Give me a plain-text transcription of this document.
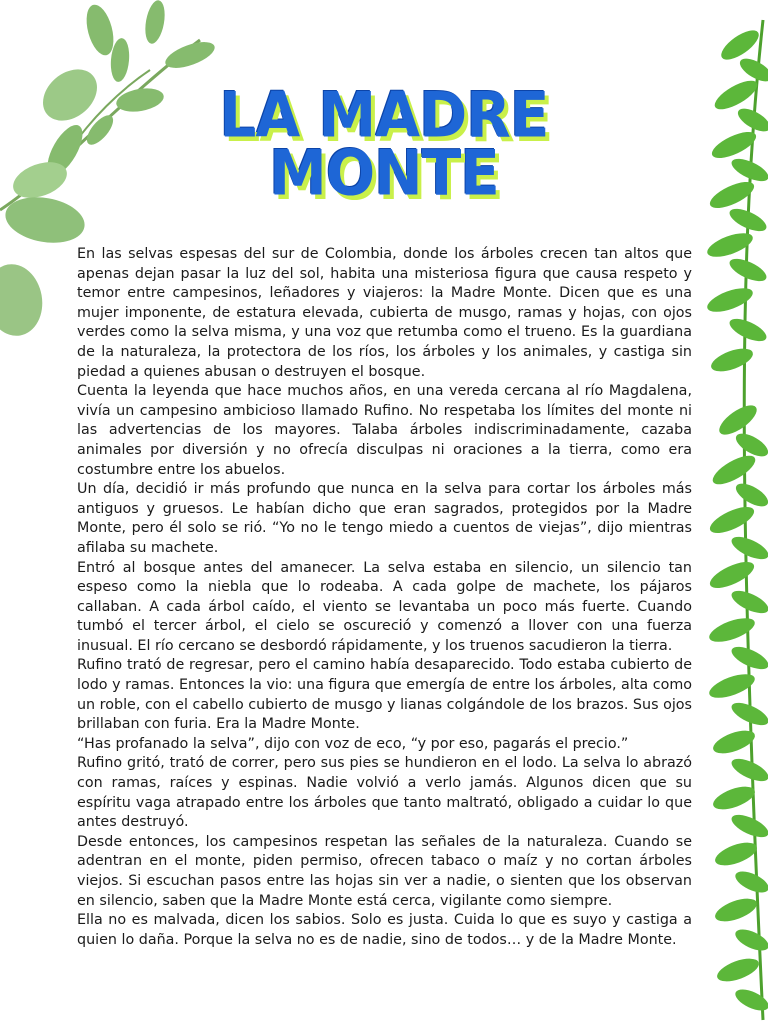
LA MADRE
MONTE

En las selvas espesas del sur de Colombia, donde los árboles crecen tan altos que apenas dejan pasar la luz del sol, habita una misteriosa figura que causa respeto y temor entre campesinos, leñadores y viajeros: la Madre Monte. Dicen que es una mujer imponente, de estatura elevada, cubierta de musgo, ramas y hojas, con ojos verdes como la selva misma, y una voz que retumba como el trueno. Es la guardiana de la naturaleza, la protectora de los ríos, los árboles y los animales, y castiga sin piedad a quienes abusan o destruyen el bosque.

Cuenta la leyenda que hace muchos años, en una vereda cercana al río Magdalena, vivía un campesino ambicioso llamado Rufino. No respetaba los límites del monte ni las advertencias de los mayores. Talaba árboles indiscriminadamente, cazaba animales por diversión y no ofrecía disculpas ni oraciones a la tierra, como era costumbre entre los abuelos.

Un día, decidió ir más profundo que nunca en la selva para cortar los árboles más antiguos y gruesos. Le habían dicho que eran sagrados, protegidos por la Madre Monte, pero él solo se rió. “Yo no le tengo miedo a cuentos de viejas”, dijo mientras afilaba su machete.

Entró al bosque antes del amanecer. La selva estaba en silencio, un silencio tan espeso como la niebla que lo rodeaba. A cada golpe de machete, los pájaros callaban. A cada árbol caído, el viento se levantaba un poco más fuerte. Cuando tumbó el tercer árbol, el cielo se oscureció y comenzó a llover con una fuerza inusual. El río cercano se desbordó rápidamente, y los truenos sacudieron la tierra.

Rufino trató de regresar, pero el camino había desaparecido. Todo estaba cubierto de lodo y ramas. Entonces la vio: una figura que emergía de entre los árboles, alta como un roble, con el cabello cubierto de musgo y lianas colgándole de los brazos. Sus ojos brillaban con furia. Era la Madre Monte.

“Has profanado la selva”, dijo con voz de eco, “y por eso, pagarás el precio.”

Rufino gritó, trató de correr, pero sus pies se hundieron en el lodo. La selva lo abrazó con ramas, raíces y espinas. Nadie volvió a verlo jamás. Algunos dicen que su espíritu vaga atrapado entre los árboles que tanto maltrató, obligado a cuidar lo que antes destruyó.

Desde entonces, los campesinos respetan las señales de la naturaleza. Cuando se adentran en el monte, piden permiso, ofrecen tabaco o maíz y no cortan árboles viejos. Si escuchan pasos entre las hojas sin ver a nadie, o sienten que los observan en silencio, saben que la Madre Monte está cerca, vigilante como siempre.

Ella no es malvada, dicen los sabios. Solo es justa. Cuida lo que es suyo y castiga a quien lo daña. Porque la selva no es de nadie, sino de todos… y de la Madre Monte.
